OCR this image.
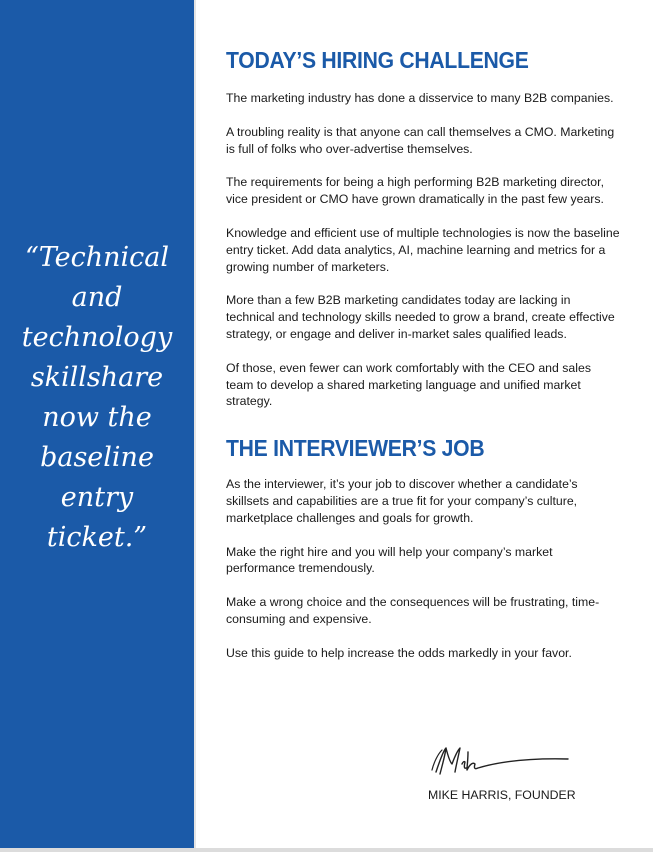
“Technical
and
technology
skillshare
now the
baseline
entry
ticket.”
TODAY’S HIRING CHALLENGE

The marketing industry has done a disservice to many B2B companies.

A troubling reality is that anyone can call themselves a CMO. Marketing is full of folks who over-advertise themselves.

The requirements for being a high performing B2B marketing director, vice president or CMO have grown dramatically in the past few years.

Knowledge and efficient use of multiple technologies is now the baseline entry ticket. Add data analytics, AI, machine learning and metrics for a growing number of marketers.

More than a few B2B marketing candidates today are lacking in technical and technology skills needed to grow a brand, create effective strategy, or engage and deliver in-market sales qualified leads.

Of those, even fewer can work comfortably with the CEO and sales team to develop a shared marketing language and unified market strategy.

THE INTERVIEWER’S JOB

As the interviewer, it’s your job to discover whether a candidate’s skillsets and capabilities are a true fit for your company’s culture, marketplace challenges and goals for growth.

Make the right hire and you will help your company’s market performance tremendously.

Make a wrong choice and the consequences will be frustrating, time-consuming and expensive.

Use this guide to help increase the odds markedly in your favor.

MIKE HARRIS, FOUNDER
